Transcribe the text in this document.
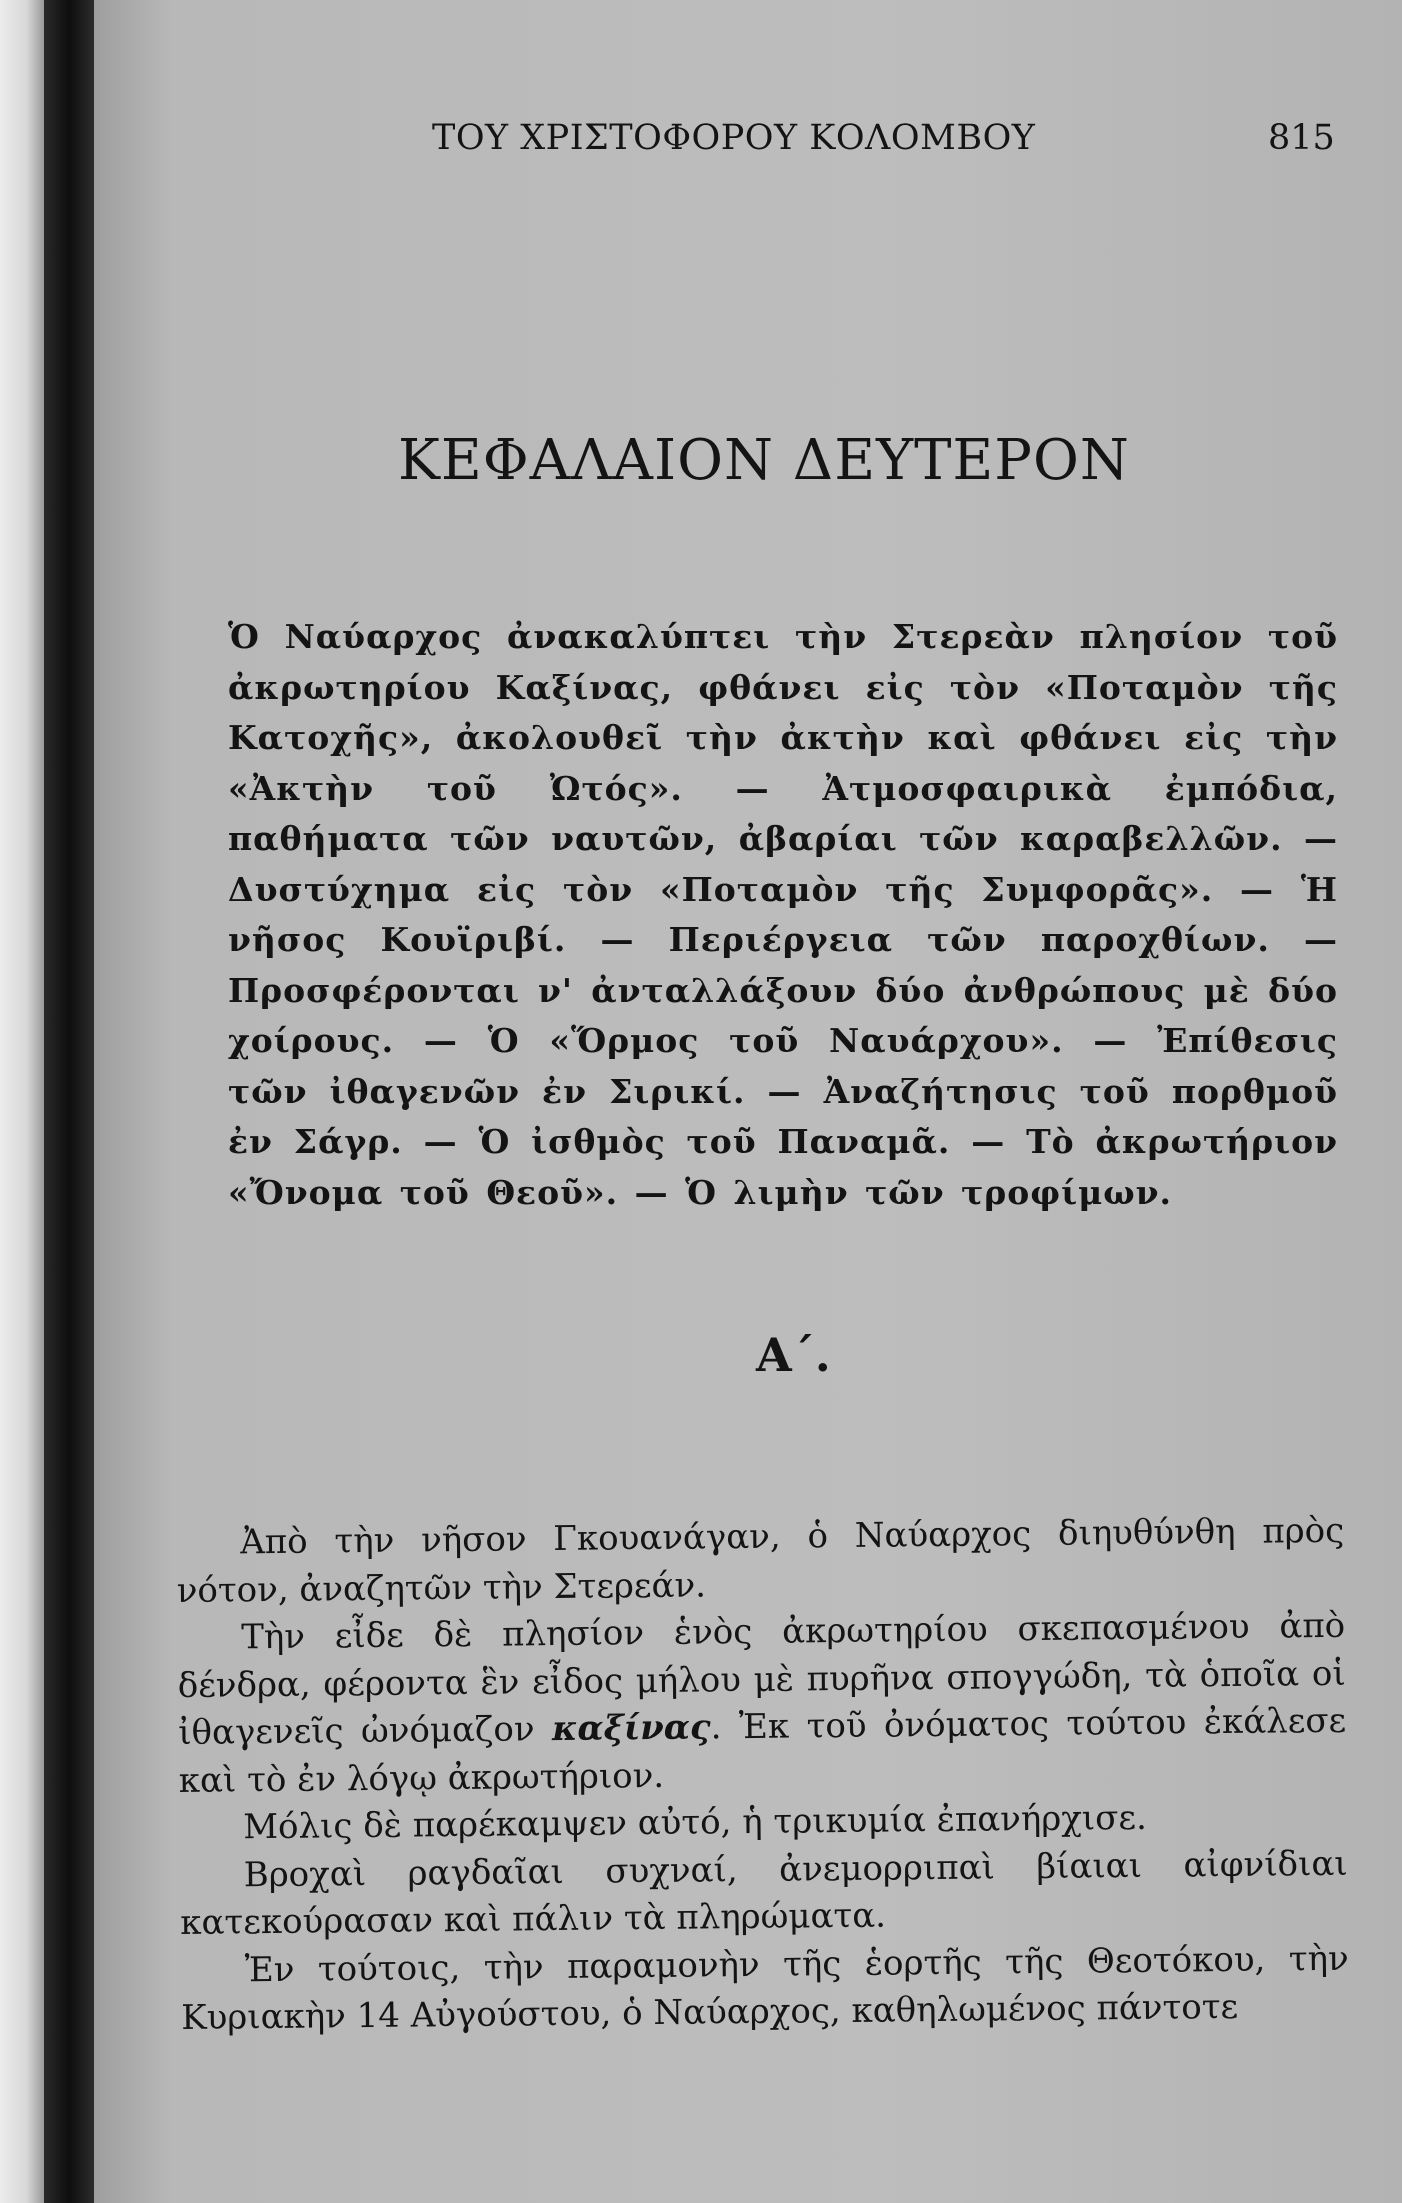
ΤΟΥ ΧΡΙΣΤΟΦΟΡΟΥ ΚΟΛΟΜΒΟΥ	815
ΚΕΦΑΛΑΙΟΝ ΔΕΥΤΕΡΟΝ
Ὁ Ναύαρχος ἀνακαλύπτει τὴν Στερεὰν πλησίον τοῦ ἀκρωτηρίου Καξίνας, φθάνει εἰς τὸν «Ποταμὸν τῆς Κατοχῆς», ἀκολουθεῖ τὴν ἀκτὴν καὶ φθάνει εἰς τὴν «Ἀκτὴν τοῦ Ὠτός». — Ἀτμοσφαιρικὰ ἐμπόδια, παθήματα τῶν ναυτῶν, ἀβαρίαι τῶν καραβελλῶν. — Δυστύχημα εἰς τὸν «Ποταμὸν τῆς Συμφορᾶς». — Ἡ νῆσος Κουϊριβί. — Περιέργεια τῶν παροχθίων. — Προσφέρονται ν' ἀνταλλάξουν δύο ἀνθρώπους μὲ δύο χοίρους. — Ὁ «Ὅρμος τοῦ Ναυάρχου». — Ἐπίθεσις τῶν ἰθαγενῶν ἐν Σιρικί. — Ἀναζήτησις τοῦ πορθμοῦ ἐν Σάγρ. — Ὁ ἰσθμὸς τοῦ Παναμᾶ. — Τὸ ἀκρωτήριον «Ὄνομα τοῦ Θεοῦ». — Ὁ λιμὴν τῶν τροφίμων.
Α΄.

Ἀπὸ τὴν νῆσον Γκουανάγαν, ὁ Ναύαρχος διηυθύνθη πρὸς νότον, ἀναζητῶν τὴν Στερεάν.

Τὴν εἶδε δὲ πλησίον ἑνὸς ἀκρωτηρίου σκεπασμένου ἀπὸ δένδρα, φέροντα ἓν εἶδος μήλου μὲ πυρῆνα σπογγώδη, τὰ ὁποῖα οἱ ἰθαγενεῖς ὠνόμαζον καξίνας. Ἐκ τοῦ ὀνόματος τούτου ἐκάλεσε καὶ τὸ ἐν λόγῳ ἀκρωτήριον.

Μόλις δὲ παρέκαμψεν αὐτό, ἡ τρικυμία ἐπανήρχισε.

Βροχαὶ ραγδαῖαι συχναί, ἀνεμορριπαὶ βίαιαι αἰφνίδιαι κατεκούρασαν καὶ πάλιν τὰ πληρώματα.

Ἐν τούτοις, τὴν παραμονὴν τῆς ἑορτῆς τῆς Θεοτόκου, τὴν Κυριακὴν 14 Αὐγούστου, ὁ Ναύαρχος, καθηλωμένος πάντοτε
